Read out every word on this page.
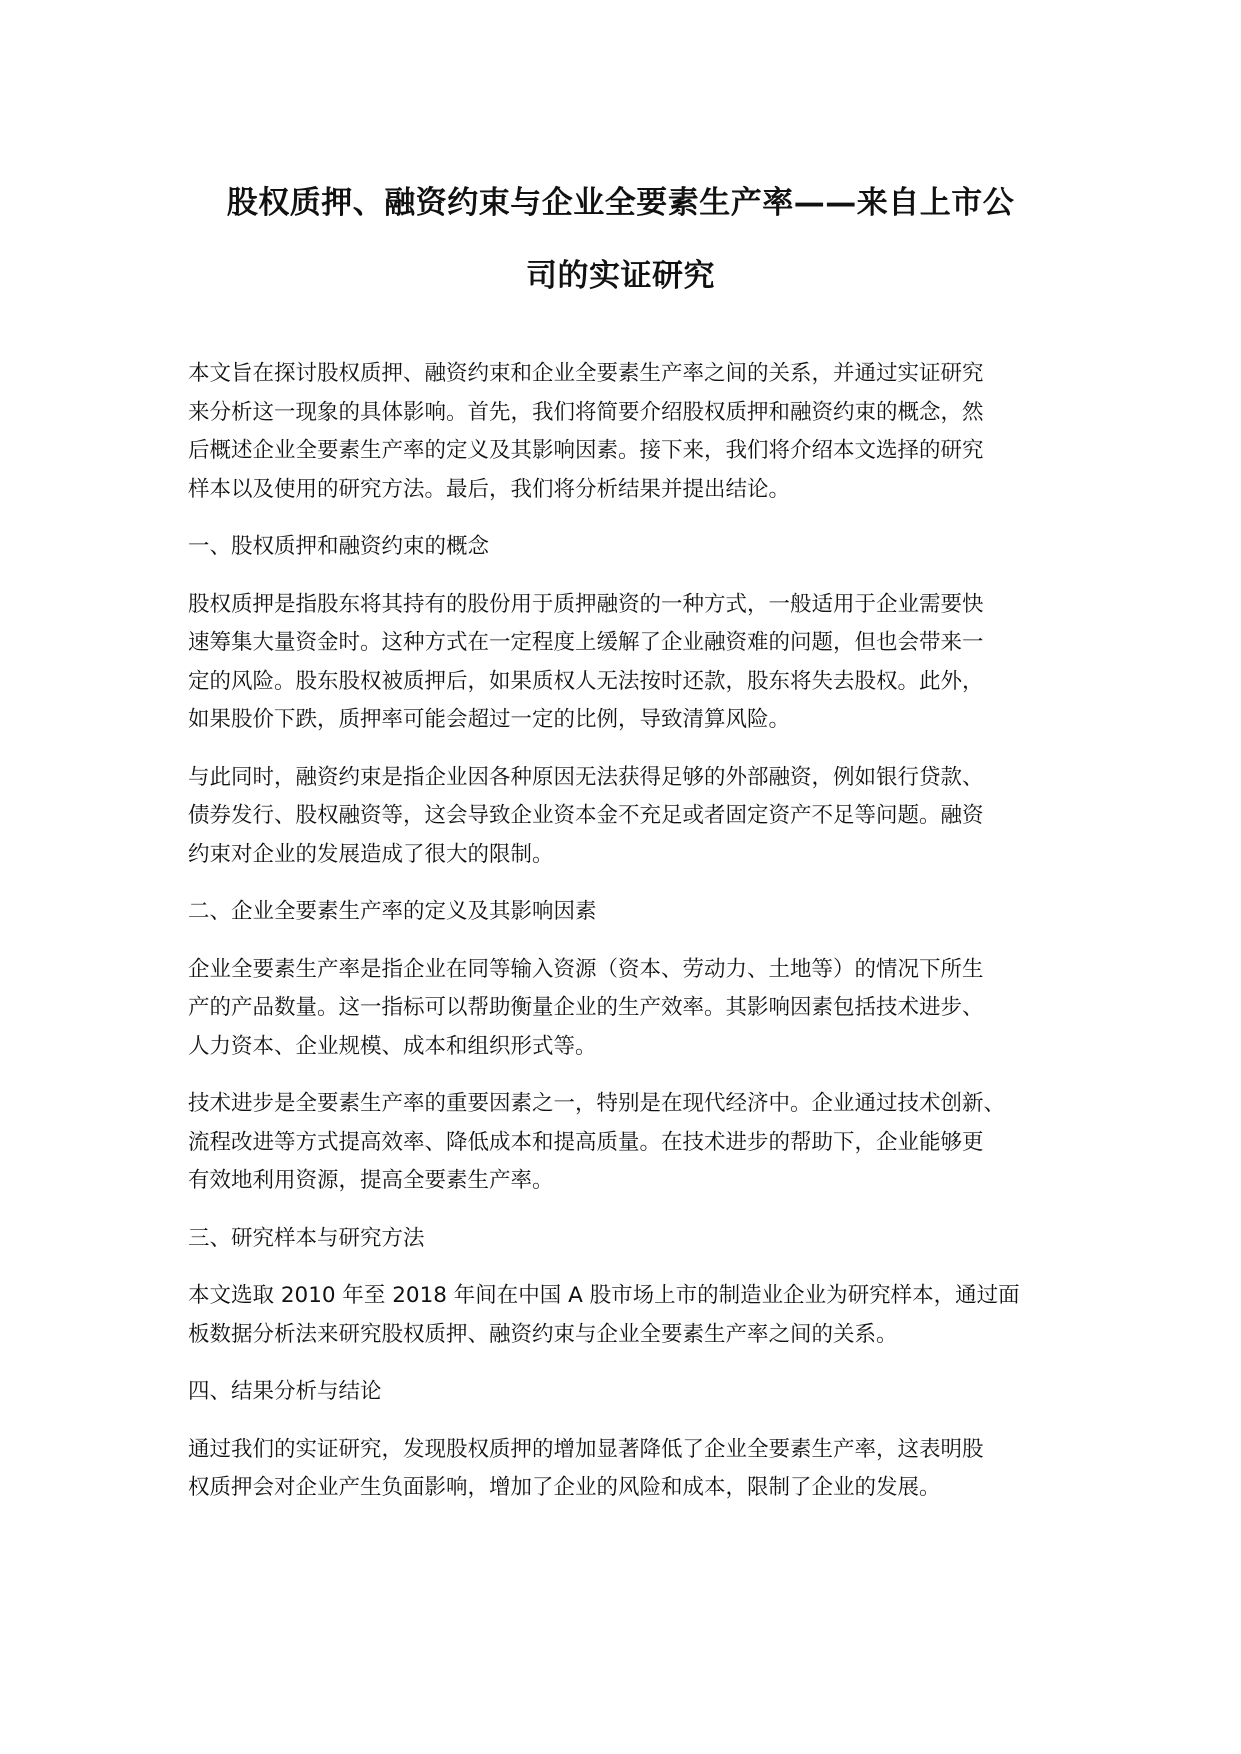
股权质押、融资约束与企业全要素生产率——来自上市公
司的实证研究

本文旨在探讨股权质押、融资约束和企业全要素生产率之间的关系，并通过实证研究
来分析这一现象的具体影响。首先，我们将简要介绍股权质押和融资约束的概念，然
后概述企业全要素生产率的定义及其影响因素。接下来，我们将介绍本文选择的研究
样本以及使用的研究方法。最后，我们将分析结果并提出结论。

一、股权质押和融资约束的概念

股权质押是指股东将其持有的股份用于质押融资的一种方式，一般适用于企业需要快
速筹集大量资金时。这种方式在一定程度上缓解了企业融资难的问题，但也会带来一
定的风险。股东股权被质押后，如果质权人无法按时还款，股东将失去股权。此外，
如果股价下跌，质押率可能会超过一定的比例，导致清算风险。

与此同时，融资约束是指企业因各种原因无法获得足够的外部融资，例如银行贷款、
债券发行、股权融资等，这会导致企业资本金不充足或者固定资产不足等问题。融资
约束对企业的发展造成了很大的限制。

二、企业全要素生产率的定义及其影响因素

企业全要素生产率是指企业在同等输入资源（资本、劳动力、土地等）的情况下所生
产的产品数量。这一指标可以帮助衡量企业的生产效率。其影响因素包括技术进步、
人力资本、企业规模、成本和组织形式等。

技术进步是全要素生产率的重要因素之一，特别是在现代经济中。企业通过技术创新、
流程改进等方式提高效率、降低成本和提高质量。在技术进步的帮助下，企业能够更
有效地利用资源，提高全要素生产率。

三、研究样本与研究方法

本文选取 2010 年至 2018 年间在中国 A 股市场上市的制造业企业为研究样本，通过面
板数据分析法来研究股权质押、融资约束与企业全要素生产率之间的关系。

四、结果分析与结论

通过我们的实证研究，发现股权质押的增加显著降低了企业全要素生产率，这表明股
权质押会对企业产生负面影响，增加了企业的风险和成本，限制了企业的发展。
